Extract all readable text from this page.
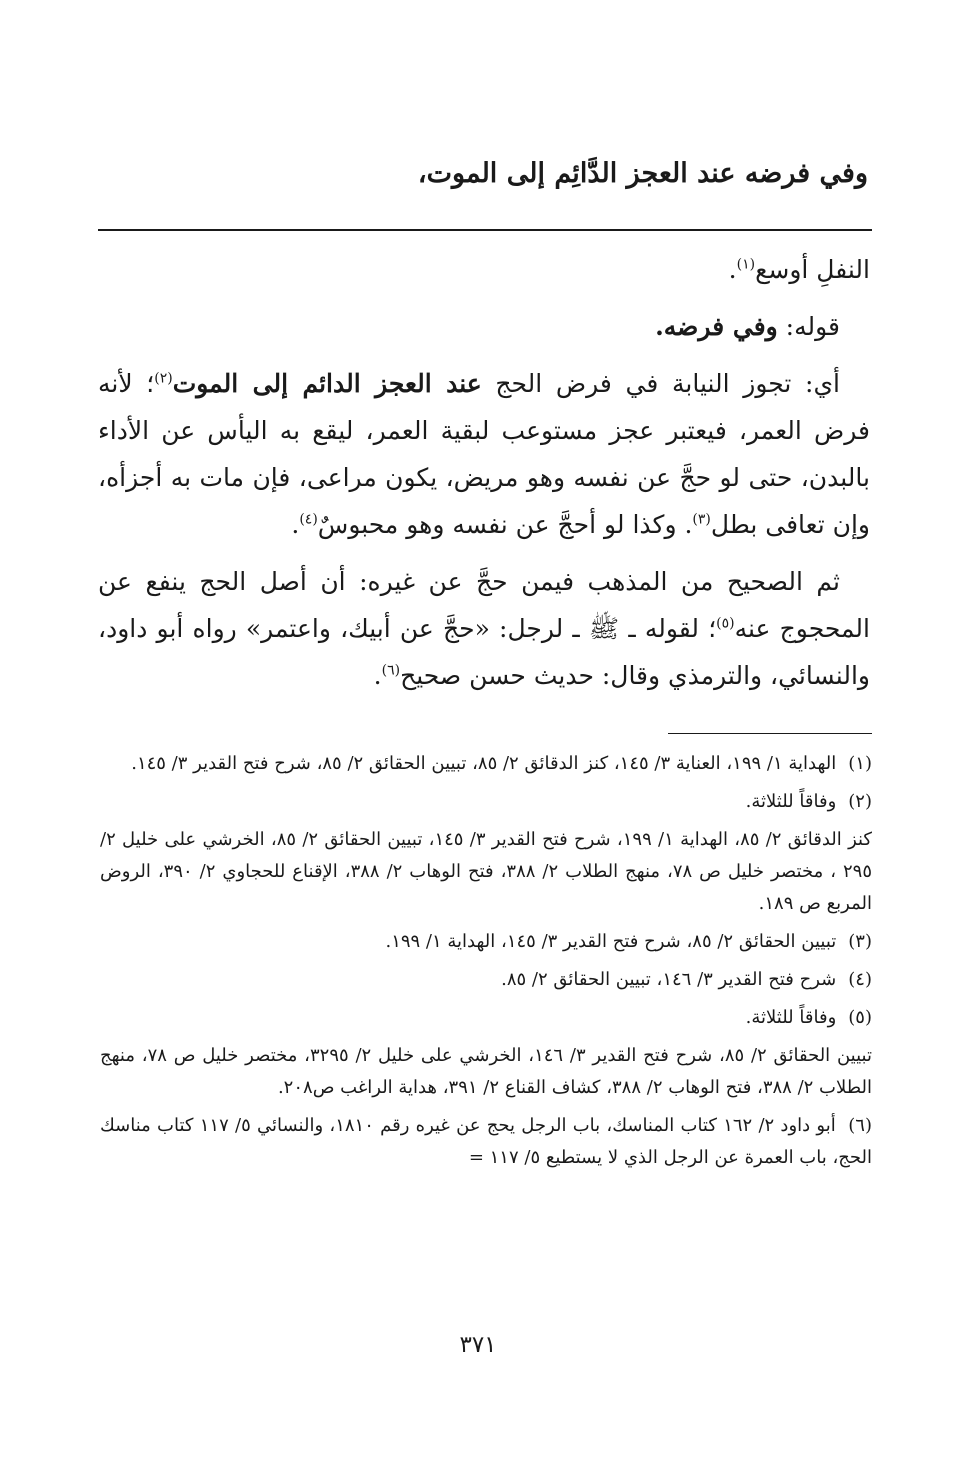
وفي فرضه عند العجز الدَّائِم إلى الموت،

النفلِ أوسع$^{(١)}$.

قوله: وفي فرضه.

أي: تجوز النيابة في فرض الحج عند العجز الدائم إلى الموت$^{(٢)}$؛ لأنه فرض العمر، فيعتبر عجز مستوعب لبقية العمر، ليقع به اليأس عن الأداء بالبدن، حتى لو حجَّ عن نفسه وهو مريض، يكون مراعى، فإن مات به أجزأه، وإن تعافى بطل$^{(٣)}$. وكذا لو أحجَّ عن نفسه وهو محبوسٌ$^{(٤)}$.

ثم الصحيح من المذهب فيمن حجَّ عن غيره: أن أصل الحج ينفع عن المحجوج عنه$^{(٥)}$؛ لقوله ـ ﷺ ـ لرجل: «حجَّ عن أبيك، واعتمر» رواه أبو داود، والنسائي، والترمذي وقال: حديث حسن صحيح$^{(٦)}$.

(١) الهداية ١/ ١٩٩، العناية ٣/ ١٤٥، كنز الدقائق ٢/ ٨٥، تبيين الحقائق ٢/ ٨٥، شرح فتح القدير ٣/ ١٤٥.

(٢) وفاقاً للثلاثة.

كنز الدقائق ٢/ ٨٥، الهداية ١/ ١٩٩، شرح فتح القدير ٣/ ١٤٥، تبيين الحقائق ٢/ ٨٥، الخرشي على خليل ٢/ ٢٩٥ ، مختصر خليل ص ٧٨، منهج الطلاب ٢/ ٣٨٨، فتح الوهاب ٢/ ٣٨٨، الإقناع للحجاوي ٢/ ٣٩٠، الروض المربع ص ١٨٩.

(٣) تبيين الحقائق ٢/ ٨٥، شرح فتح القدير ٣/ ١٤٥، الهداية ١/ ١٩٩.

(٤) شرح فتح القدير ٣/ ١٤٦، تبيين الحقائق ٢/ ٨٥.

(٥) وفاقاً للثلاثة.

تبيين الحقائق ٢/ ٨٥، شرح فتح القدير ٣/ ١٤٦، الخرشي على خليل ٢/ ٣٢٩٥، مختصر خليل ص ٧٨، منهج الطلاب ٢/ ٣٨٨، فتح الوهاب ٢/ ٣٨٨، كشاف القناع ٢/ ٣٩١، هداية الراغب ص٢٠٨.

(٦) أبو داود ٢/ ١٦٢ كتاب المناسك، باب الرجل يحج عن غيره رقم ١٨١٠، والنسائي ٥/ ١١٧ كتاب مناسك الحج، باب العمرة عن الرجل الذي لا يستطيع ٥/ ١١٧ =

٣٧١
